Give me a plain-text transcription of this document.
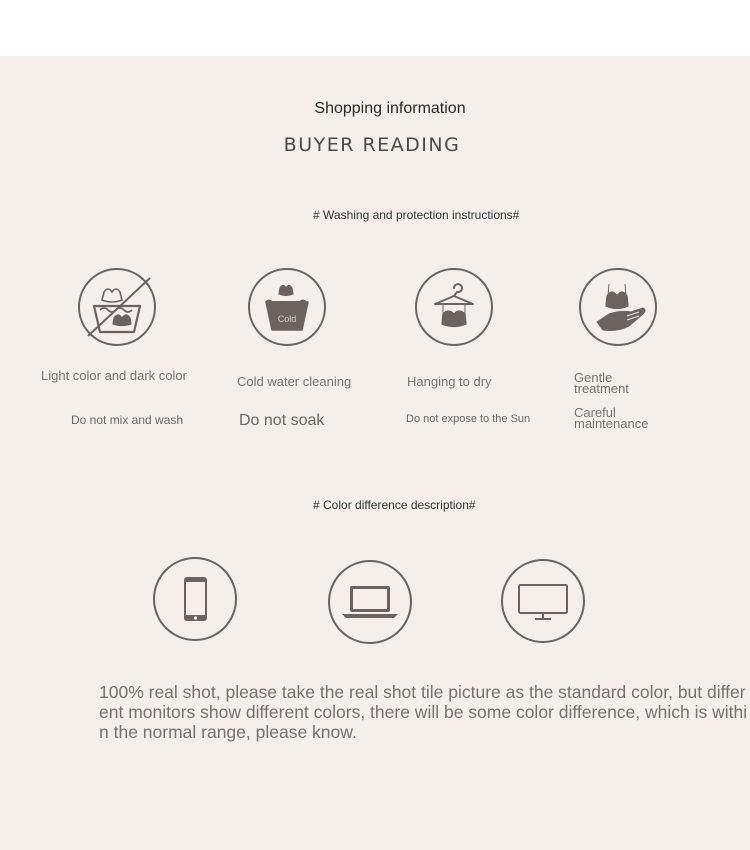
Shopping information
BUYER READING
# Washing and protection instructions#
Cold
Light color and dark color
Do not mix and wash
Cold water cleaning
Do not soak
Hanging to dry
Do not expose to the Sun
Gentle treatment
Careful maintenance
# Color difference description#
100% real shot, please take the real shot tile picture as the standard color, but different monitors show different colors, there will be some color difference, which is within the normal range, please know.
